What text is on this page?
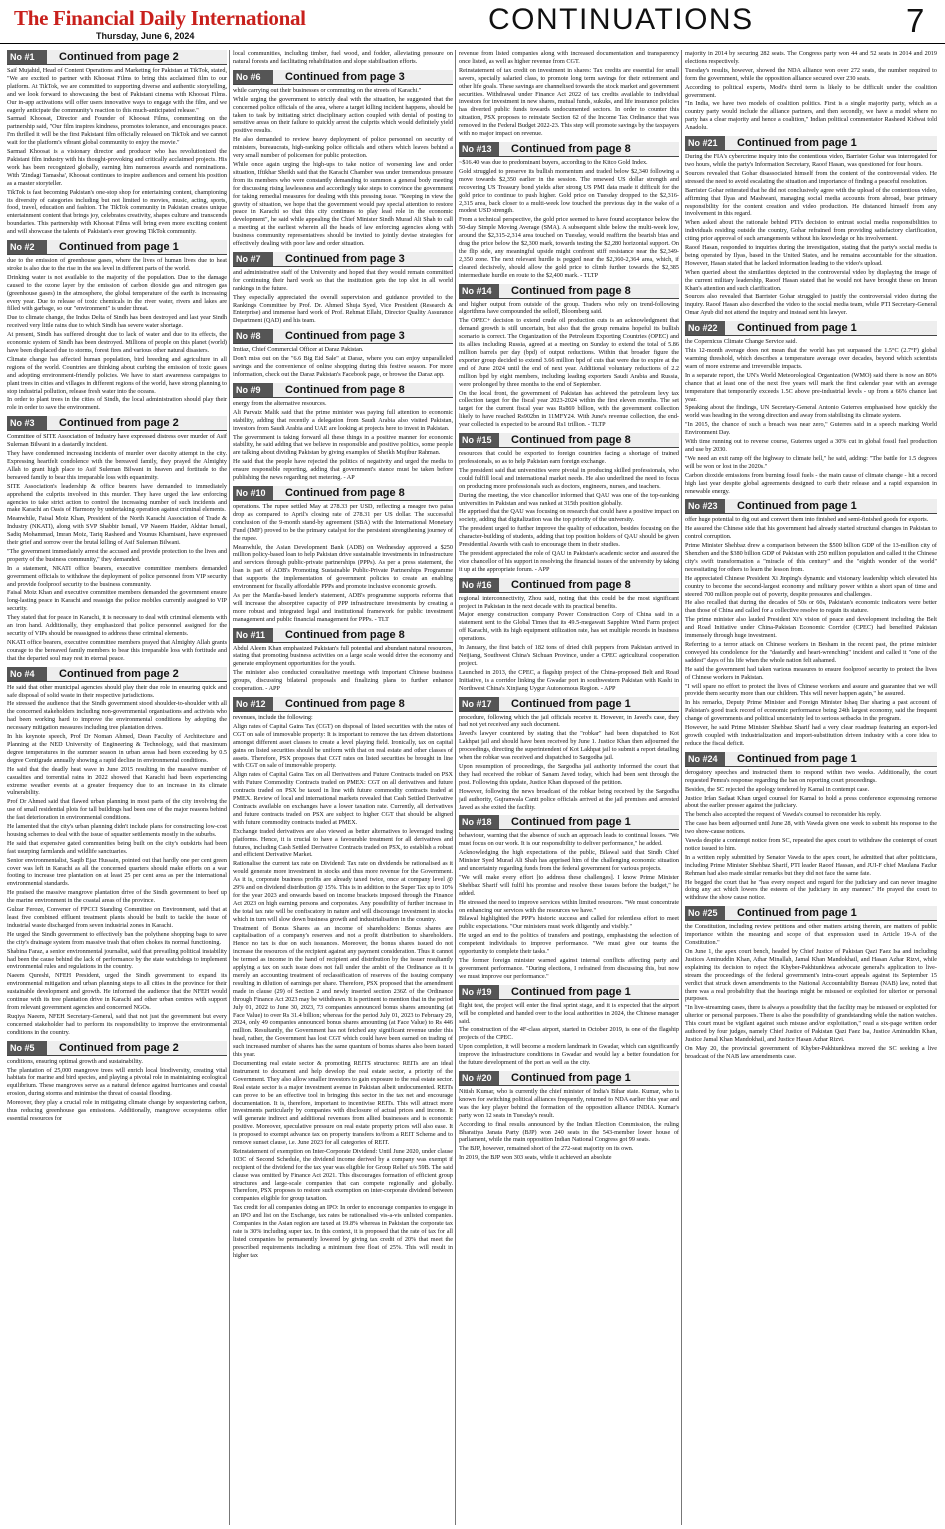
The Financial Daily International
Thursday, June 6, 2024	CONTINUATIONS	7
No #1	Continued from page 2

Saif Mujahid, Head of Content Operations and Marketing for Pakistan at TikTok, stated, "We are excited to partner with Khoosat Films to bring this acclaimed film to our platform. At TikTok, we are committed to supporting diverse and authentic storytelling, and we look forward to showcasing the best of Pakistani cinema with Khoosat Films. Our in-app activations will offer users innovative ways to engage with the film, and we eagerly anticipate the community's reaction to this much-anticipated release."

Sarmad Khoosat, Director and Founder of Khoosat Films, commenting on the partnership said, "Our film inspires kindness, promotes tolerance, and encourages peace. I'm thrilled it will be the first Pakistani film officially released on TikTok and we cannot wait for the platform's vibrant global community to enjoy the movie."

Sarmad Khoosat is a visionary director and producer who has revolutionized the Pakistani film industry with his thought-provoking and critically acclaimed projects. His work has been recognized globally, earning him numerous awards and nominations. With 'Zindagi Tamasha', Khoosat continues to inspire audiences and cement his position as a master storyteller.

TikTok is fast becoming Pakistan's one-stop shop for entertaining content, championing its diversity of categories including but not limited to movies, music, acting, sports, food, travel, education and fashion. The TikTok community in Pakistan creates unique entertainment content that brings joy, celebrates creativity, shapes culture and transcends boundaries. This partnership with Khoosat Films will bring even more exciting content and will showcase the talents of Pakistan's ever growing TikTok community.

No #2	Continued from page 1

due to the emission of greenhouse gases, where the lives of human lives due to heat stroke is also due to the rise in the sea level in different parts of the world.

Drinking water is not available to the majority of the population. Due to the damage caused to the ozone layer by the emission of carbon dioxide gas and nitrogen gas (greenhouse gases) in the atmosphere, the global temperature of the earth is increasing every year. Due to release of toxic chemicals in the river water, rivers and lakes are filled with garbage, so our "environment" is under threat.

Due to climate change, the Indus Delta of Sindh has been destroyed and last year Sindh received very little rains due to which Sindh has severe water shortage.

At present, Sindh has suffered drought due to lack of water and due to its effects, the economic system of Sindh has been destroyed. Millions of people on this planet (world) have been displaced due to storms, forest fires and various other natural disasters.

Climate change has affected human population, bird breeding and agriculture in all regions of the world. Countries are thinking about curbing the emission of toxic gases and adopting environment-friendly policies. We have to start awareness campaigns to plant trees in cities and villages in different regions of the world, have strong planning to stop industrial pollution, release fresh water into the oceans.

In order to plant trees in the cities of Sindh, the local administration should play their role in order to save the environment.

No #3	Continued from page 2

Committee of SITE Association of Industry have expressed distress over murder of Asif Suleman Bilwani in a dastardly incident.

They have condemned increasing incidents of murder over dacoity attempt in the city. Expressing heartfelt condolence with the bereaved family, they prayed the Almighty Allah to grant high place to Asif Suleman Bilwani in heaven and fortitude to the bereaved family to bear this irreparable loss with equanimity.

SITE Association's leadership & office bearers have demanded to immediately apprehend the culprits involved in this murder. They have urged the law enforcing agencies to take strict action to control the increasing number of such incidents and make Karachi an Oasis of Harmony by undertaking operation against criminal elements.

Meanwhile, Faisal Moiz Khan, President of the North Karachi Association of Trade & Industry (NKATI), along with SVP Shabbir Ismail, VP Naeem Haider, Akhtar Ismail, Sadiq Mohammad, Imran Moiz, Tariq Rasheed and Younus Khamisani, have expressed their grief and sorrow over the brutal killing of Asif Suleman Bilwani.

"The government immediately arrest the accused and provide protection to the lives and property of the business community," they demanded.

In a statement, NKATI office bearers, executive committee members demanded government officials to withdraw the deployment of police personnel from VIP security and provide foolproof security to the business community.

Faisal Moiz Khan and executive committee members demanded the government ensure long-lasting peace in Karachi and reassign the police mobiles currently assigned to VIP security.

They stated that for peace in Karachi, it is necessary to deal with criminal elements with an iron hand. Additionally, they emphasized that police personnel assigned for the security of VIPs should be reassigned to address these criminal elements.

NKATI office bearers, executive committee members prayed that Almighty Allah grants courage to the bereaved family members to bear this irreparable loss with fortitude and that the departed soul may rest in eternal peace.

No #4	Continued from page 2

He said that other municipal agencies should play their due role in ensuring quick and safe disposal of solid waste in their respective jurisdictions.

He stressed the audience that the Sindh government stood shoulder-to-shoulder with all the concerned stakeholders including non-governmental organisations and activists who had been working hard to improve the environmental conditions by adopting the necessary mitigation measures including tree plantation drives.

In his keynote speech, Prof Dr Noman Ahmed, Dean Faculty of Architecture and Planning at the NED University of Engineering & Technology, said that maximum degree temperatures in the summer season in urban areas had been exceeding by 0.5 degree Centigrade annually showing a rapid decline in environmental conditions.

He said that the deadly heat wave in June 2015 resulting in the massive number of casualties and torrential rains in 2022 showed that Karachi had been experiencing extreme weather events at a greater frequency due to an increase in its climate vulnerability.

Prof Dr Ahmed said that flawed urban planning in most parts of the city involving the use of small residential plots for tall buildings had been one of the major reasons behind the fast deterioration in environmental conditions.

He lamented that the city's urban planning didn't include plans for constructing low-cost housing schemes to deal with the issue of squatter settlements mostly in the suburbs.

He said that expensive gated communities being built on the city's outskirts had been fast usurping farmlands and wildlife sanctuaries.

Senior environmentalist, Saqib Ejaz Hussain, pointed out that hardly one per cent green cover was left in Karachi as all the concerned quarters should make efforts on a war footing to increase tree plantation on at least 25 per cent area as per the international environmental standards.

He praised the massive mangrove plantation drive of the Sindh government to beef up the marine environment in the coastal areas of the province.

Gulzar Feroze, Convener of FPCCI Standing Committee on Environment, said that at least five combined effluent treatment plants should be built to tackle the issue of industrial waste discharged from seven industrial zones in Karachi.

He urged the Sindh government to effectively ban the polythene shopping bags to save the city's drainage system from massive trash that often chokes its normal functioning.

Shabina Faraz, a senior environmental journalist, said that prevailing political instability had been the cause behind the lack of performance by the state watchdogs to implement environmental rules and regulations in the country.

Naeem Qureshi, NFEH President, urged the Sindh government to expand its environmental mitigation and urban planning steps to all cities in the province for their sustainable development and growth. He informed the audience that the NFEH would continue with its tree plantation drive in Karachi and other urban centres with support from relevant government agencies and concerned NGOs.

Ruqiya Naeem, NFEH Secretary-General, said that not just the government but every concerned stakeholder had to perform its responsibility to improve the environmental conditions in the country.

No #5	Continued from page 2

conditions, ensuring optimal growth and sustainability.

The plantation of 25,000 mangrove trees will enrich local biodiversity, creating vital habitats for marine and bird species, and playing a pivotal role in maintaining ecological equilibrium. These mangroves serve as a natural defence against hurricanes and coastal erosion, during storms and minimise the threat of coastal flooding.

Moreover, they play a crucial role in mitigating climate change by sequestering carbon, thus reducing greenhouse gas emissions. Additionally, mangrove ecosystems offer essential resources for

local communities, including timber, fuel wood, and fodder, alleviating pressure on natural forests and facilitating rehabilitation and slope stabilisation efforts.

No #6	Continued from page 3

while carrying out their businesses or commuting on the streets of Karachi."

While urging the government to strictly deal with the situation, he suggested that the concerned police officials of the area, where a target killing incident happens, should be taken to task by initiating strict disciplinary action coupled with denial of posting to sensitive areas on their failure to quickly arrest the culprits which would definitely yield positive results.

He also demanded to review heavy deployment of police personnel on security of ministers, bureaucrats, high-ranking police officials and others which leaves behind a very small number of policemen for public protection.

While once again urging the high-ups to take notice of worsening law and order situation, Iftikhar Sheikh said that the Karachi Chamber was under tremendous pressure from its members who were constantly demanding to summon a general body meeting for discussing rising lawlessness and accordingly take steps to convince the government for taking remedial measures for dealing with this pressing issue. "Keeping in view the gravity of situation, we hope that the government would pay special attention to restore peace in Karachi so that this city continues to play lead role in the economic development", he said while appealing the Chief Minister Sindh Murad Ali Shah to call a meeting at the earliest wherein all the heads of law enforcing agencies along with business community representatives should be invited to jointly devise strategies for effectively dealing with poor law and order situation.

No #7	Continued from page 3

and administrative staff of the University and hoped that they would remain committed for continuing their hard work so that the institution gets the top slot in all world rankings in the future.

They especially appreciated the overall supervision and guidance provided to the Rankings Committee by Prof. Dr. Ahmed Shuja Syed, Vice President (Research & Enterprise) and immense hard work of Prof. Rehmat Ellahi, Director Quality Assurance Department (QAD) and his team.

No #8	Continued from page 3

Imtiaz, Chief Commercial Officer at Daraz Pakistan.

Don't miss out on the "6.6 Big Eid Sale" at Daraz, where you can enjoy unparalleled savings and the convenience of online shopping during this festive season. For more information, check out the Daraz Pakistan's Facebook page, or browse the Daraz app.

No #9	Continued from page 8

energy from the alternative resources.

Ali Parvaiz Malik said that the prime minister was paying full attention to economic stability, adding that recently a delegation from Saudi Arabia also visited Pakistan, investors from Saudi Arabia and UAE are looking at projects here to invest in Pakistan.

The government is taking forward all these things in a positive manner for economic stability, he said adding that we believe in responsible and positive politics, some people are talking about dividing Pakistan by giving examples of Sheikh Mujibur Rahman.

He said that the people have rejected the politics of negativity and urged the media to ensure responsible reporting, adding that government's stance must be taken before publishing the news regarding net metering. - AP

No #10	Continued from page 8

operations. The rupee settled May at 278.33 per USD, reflecting a meagre two paisa drop as compared to April's closing rate of 278.31 per US dollar. The successful conclusion of the 9-month stand-by agreement (SBA) with the International Monetary Fund (IMF) proved to be the primary catalyst for the persistent strengthening journey of the rupee.

Meanwhile, the Asian Development Bank (ADB) on Wednesday approved a $250 million policy-based loan to help Pakistan drive sustainable investments in infrastructure and services through public-private partnerships (PPPs). As per a press statement, the loan is part of ADB's Promoting Sustainable Public-Private Partnerships Programme that supports the implementation of government policies to create an enabling environment for fiscally affordable PPPs and promote inclusive economic growth.

As per the Manila-based lender's statement, ADB's programme supports reforms that will increase the absorptive capacity of PPP infrastructure investments by creating a more robust and integrated legal and institutional framework for public investment management and public financial management for PPPs. - TLT

No #11	Continued from page 8

Abdul Aleem Khan emphasized Pakistan's full potential and abundant natural resources, stating that promoting business activities on a large scale would drive the economy and generate employment opportunities for the youth.

The minister also conducted consultative meetings with important Chinese business groups, discussing bilateral proposals and finalizing plans to further enhance cooperation. - APP

No #12	Continued from page 8

revenues, include the following:

Align rates of Capital Gains Tax (CGT) on disposal of listed securities with the rates of CGT on sale of immovable property: It is important to remove the tax driven distortions amongst different asset classes to create a level playing field. Ironically, tax on capital gains on listed securities should be uniform with that on real estate and other classes of assets. Therefore, PSX proposes that CGT rates on listed securities be brought in line with CGT on sale of immovable property.

Align rates of Capital Gains Tax on all Derivatives and Future Contracts traded on PSX with Future Commodity Contracts traded on PMEX: CGT on all derivatives and future contracts traded on PSX be taxed in line with future commodity contracts traded at PMEX. Review of local and international markets revealed that Cash Settled Derivative Contracts available on exchanges have a lower taxation rate. Currently, all derivatives and future contracts traded on PSX are subject to higher CGT that should be aligned with future commodity contracts traded at PMEX.

Exchange traded derivatives are also viewed as better alternatives to leveraged trading platforms. Hence, it is crucial to have a favourable treatment for all derivatives and futures, including Cash Settled Derivative Contracts traded on PSX, to establish a robust and efficient Derivative Market.

Rationalise the current tax rate on Dividend: Tax rate on dividends be rationalised as it would generate more investment in stocks and thus more revenue for the Government. As it is, corporate business profits are already taxed twice, once at company level @ 29% and on dividend distribution @ 15%. This is in addition to the Super Tax up to 10% for the year 2023 and onwards based on income brackets imposed through the Finance Act 2023 on high earning persons and corporates. Any possibility of further increase in the total tax rate will be confiscatory in nature and will discourage investment in stocks which in turn will slow down business growth and industrialisation in the country.

Treatment of Bonus Shares as an income of shareholders: Bonus shares are capitalisation of a company's reserves and not a profit distribution to shareholders. Hence no tax is due on such issuances. Moreover, the bonus shares issued do not increase the resources of the recipient against any payment consideration. Thus it cannot be termed as income in the hand of recipient and distribution by the issuer resultantly applying a tax on such issue does not fall under the ambit of the Ordinance as it is merely an accounting treatment of reclassification of reserves of the issuing company resulting in dilution of earnings per share. Therefore, PSX proposed that the amendment made in clause (29) of Section 2 and newly inserted section 236Z of the Ordinance through Finance Act 2023 may be withdrawn. It is pertinent to mention that in the period July 01, 2022 to June 30, 2023, 73 companies announced bonus shares amounting (at Face Value) to over Rs 31.4 billion; whereas for the period July 01, 2023 to February 29, 2024, only 49 companies announced bonus shares amounting (at Face Value) to Rs 446 million. Resultantly, the Government has not fetched any significant revenue under this head, rather, the Government has lost CGT which could have been earned on trading of such increased number of shares has the same quantum of bonus shares also been issued this year.

Documenting real estate sector & promoting REITS structures: REITs are an ideal instrument to document and help develop the real estate sector, a priority of the Government. They also allow smaller investors to gain exposure to the real estate sector. Real estate sector is a major investment avenue in Pakistan albeit undocumented. REITs can prove to be an effective tool in bringing this sector in the tax net and encourage documentation. It is, therefore, important to incentivise REITs. This will attract more investments particularly by companies with disclosure of actual prices and income. It will generate indirect and additional revenues from allied businesses and is economic positive. Moreover, speculative pressure on real estate property prices will also ease. It is proposed to exempt advance tax on property transfers to/from a REIT Scheme and to remove sunset clause, i.e. June 2023 for all categories of REIT.

Reinstatement of exemption on Inter-Corporate Dividend: Until June 2020, under clause 103C of Second Schedule, the dividend income derived by a company was exempt if recipient of the dividend for the tax year was eligible for Group Relief u/s 59B. The said clause was omitted by Finance Act 2021. This discourages formation of efficient group structures and large-scale companies that can compete regionally and globally. Therefore, PSX proposes to restore such exemption on inter-corporate dividend between companies eligible for group taxation.

Tax credit for all companies doing an IPO: In order to encourage companies to engage in an IPO and list on the Exchange, tax rates be rationalised vis-a-vis unlisted companies. Companies in the Asian region are taxed at 19.8% whereas in Pakistan the corporate tax rate is 30% including super tax. In this context, it is proposed that the rate of tax for all listed companies be permanently lowered by giving tax credit of 20% that meet the prescribed requirements including a minimum free float of 25%. This will result in higher tax

revenue from listed companies along with increased documentation and transparency once listed, as well as higher revenue from CGT.

Reinstatement of tax credit on investment in shares: Tax credits are essential for small savers, specially salaried class, to promote long term savings for their retirement and other life goals. These savings are channelised towards the stock market and government securities. Withdrawal under Finance Act 2022 of tax credits available to individual investors for investment in new shares, mutual funds, sukuks, and life insurance policies has diverted public funds towards undocumented sectors. In order to counter this situation, PSX proposes to reinstate Section 62 of the Income Tax Ordinance that was removed in the Federal Budget 2022-23. This step will promote savings by the taxpayers with no major impact on revenue.

No #13	Continued from page 8

~$16.40 was due to predominant buyers, according to the Kitco Gold Index.

Gold struggled to preserve its bullish momentum and traded below $2,340 following a move towards $2,350 earlier in the session. The renewed US dollar strength and recovering US Treasury bond yields after strong US PMI data made it difficult for the gold price to continue to push higher. Gold price on Tuesday dropped to the $2,316-2,315 area, back closer to a multi-week low touched the previous day in the wake of a modest USD strength.

From a technical perspective, the gold price seemed to have found acceptance below the 50-day Simple Moving Average (SMA). A subsequent slide below the multi-week low, around the $2,315-2,314 area touched on Tuesday, would reaffirm the bearish bias and drag the price below the $2,300 mark, towards testing the $2,280 horizontal support. On the flip side, any meaningful upside might confront stiff resistance near the $2,349-2,350 zone. The next relevant hurdle is pegged near the $2,360-2,364 area, which, if cleared decisively, should allow the gold price to climb further towards the $2,385 intermediate hurdle en route to the $2,400 mark. - TLTP

No #14	Continued from page 8

and higher output from outside of the group. Traders who rely on trend-following algorithms have compounded the selloff, Bloomberg said.

The OPEC+ decision to extend crude oil production cuts is an acknowledgment that demand growth is still uncertain, but also that the group remains hopeful its bullish scenario is correct. The Organization of the Petroleum Exporting Countries (OPEC) and its allies including Russia, agreed at a meeting on Sunday to extend the total of 5.86 million barrels per day (bpd) of output reductions. Within that broader figure the exporter group decided to extend 3.66 million bpd of cuts that were due to expire at the end of June 2024 until the end of next year. Additional voluntary reductions of 2.2 million bpd by eight members, including leading exporters Saudi Arabia and Russia, were prolonged by three months to the end of September.

On the local front, the government of Pakistan has achieved the petroleum levy tax collection target for the fiscal year 2023-2024 within the first eleven months. The set target for the current fiscal year was Rs869 billion, with the government collection likely to have reached Rs902bn in 11MFY24. With June's revenue collection, the end-year collected is expected to be around Rs1 trillion. - TLTP

No #15	Continued from page 8

resources that could be exported to foreign countries facing a shortage of trained professionals, so as to help Pakistan earn foreign exchange.

The president said that universities were pivotal in producing skilled professionals, who could fulfill local and international market needs. He also underlined the need to focus on producing more professionals such as doctors, engineers, nurses, and teachers.

During the meeting, the vice chancellor informed that QAU was one of the top-ranking universities in Pakistan and was ranked at 315th position globally.

He apprised that the QAU was focusing on research that could have a positive impact on society, adding that digitalization was the top priority of the university.

The president urged to further improve the quality of education, besides focusing on the character-building of students, adding that top position holders of QAU should be given Presidential Awards with cash to encourage them in their studies.

The president appreciated the role of QAU in Pakistan's academic sector and assured the vice chancellor of his support in resolving the financial issues of the university by taking it up at the appropriate forum. - APP

No #16	Continued from page 8

regional interconnectivity, Zhou said, noting that this could be the most significant project in Pakistan in the next decade with its practical benefits.

Major energy construction company Power Construction Corp of China said in a statement sent to the Global Times that its 49.5-megawatt Sapphire Wind Farm project off Karachi, with its high equipment utilization rate, has set multiple records in business operations.

In January, the first batch of 182 tons of dried chili peppers from Pakistan arrived in Neijiang, Southwest China's Sichuan Province, under a CPEC agricultural cooperation project.

Launched in 2013, the CPEC, a flagship project of the China-proposed Belt and Road Initiative, is a corridor linking the Gwadar port in southwestern Pakistan with Kashi in Northwest China's Xinjiang Uygur Autonomous Region. - APP

No #17	Continued from page 1

procedure, following which the jail officials receive it. However, in Javed's case, they had not yet received any such document.

Javed's lawyer countered by stating that the "robkar" had been dispatched to Kot Lakhpat jail and should have been received by June 1. Justice Khan then adjourned the proceedings, directing the superintendent of Kot Lakhpat jail to submit a report detailing when the robkar was received and dispatched to Sargodha jail.

Upon resumption of proceedings, the Sargodha jail authority informed the court that they had received the robkar of Sanam Javed today, which had been sent through the post. Following this update, Justice Khan disposed of the petition.

However, following the news broadcast of the robkar being received by the Sargodha jail authority, Gujranwala Cantt police officials arrived at the jail premises and arrested Javed as she exited the facility.

No #18	Continued from page 1

behaviour, warning that the absence of such an approach leads to continual losses. "We must focus on our work. It is our responsibility to deliver performance," he added.

Acknowledging the high expectations of the public, Bilawal said that Sindh Chief Minister Syed Murad Ali Shah has apprised him of the challenging economic situation and uncertainty regarding funds from the federal government for various projects.

"We will make every effort [to address these challenges]. I know Prime Minister Shehbaz Sharif will fulfil his promise and resolve these issues before the budget," he added.

He stressed the need to improve services within limited resources. "We must concentrate on enhancing our services with the resources we have."

Bilawal highlighted the PPP's historic success and called for relentless effort to meet public expectations. "Our ministers must work diligently and visibly."

He urged an end to the politics of transfers and postings, emphasising the selection of competent individuals to improve performance. "We must give our teams the opportunity to complete their tasks."

The former foreign minister warned against internal conflicts affecting party and government performance. "During elections, I refrained from discussing this, but now we must improve our performance."

No #19	Continued from page 1

flight test, the project will enter the final sprint stage, and it is expected that the airport will be completed and handed over to the local authorities in 2024, the Chinese manager said.

The construction of the 4F-class airport, started in October 2019, is one of the flagship projects of the CPEC.

Upon completion, it will become a modern landmark in Gwadar, which can significantly improve the infrastructure conditions in Gwadar and would lay a better foundation for the future development of the port as well as the city.

No #20	Continued from page 1

Nitish Kumar, who is currently the chief minister of India's Bihar state. Kumar, who is known for switching political alliances frequently, returned to NDA earlier this year and was the key player behind the formation of the opposition alliance INDIA. Kumar's party won 12 seats in Tuesday's result.

According to final results announced by the Indian Election Commission, the ruling Bharatiya Janata Party (BJP) won 240 seats in the 543-member lower house of parliament, while the main opposition Indian National Congress got 99 seats.

The BJP, however, remained short of the 272-seat majority on its own.

In 2019, the BJP won 303 seats, while it achieved an absolute

majority in 2014 by securing 282 seats. The Congress party won 44 and 52 seats in 2014 and 2019 elections respectively.

Tuesday's results, however, showed the NDA alliance won over 272 seats, the number required to form the government, while the opposition alliance secured over 230 seats.

According to political experts, Modi's third term is likely to be difficult under the coalition government.

"In India, we have two models of coalition politics. First is a single majority party, which as a country party would include the alliance partners, and then secondly, we have a model where no party has a clear majority and hence a coalition," Indian political commentator Rasheed Kidwai told Anadolu.

No #21	Continued from page 1

During the FIA's cybercrime inquiry into the contentious video, Barrister Gohar was interrogated for two hours, while the party's Information Secretary, Raoof Hasan, was questioned for four hours.

Sources revealed that Gohar disassociated himself from the content of the controversial video. He stressed the need to avoid escalating the situation and importance of finding a peaceful resolution.

Barrister Gohar reiterated that he did not conclusively agree with the upload of the contentious video, affirming that Ilyas and Mashwani, managing social media accounts from abroad, bear primary responsibility for the content creation and video production. He distanced himself from any involvement in this regard.

When asked about the rationale behind PTI's decision to entrust social media responsibilities to individuals residing outside the country, Gohar refrained from providing satisfactory clarification, citing prior approval of such arrangements without his knowledge or his involvement.

Raoof Hasan, responded to inquiries during the investigation, stating that the party's social media is being operated by Ilyas, based in the United States, and he remains accountable for the situation. However, Hasan stated that he lacked information leading to the video's upload.

When queried about the similarities depicted in the controversial video by displaying the image of the current military leadership, Raoof Hasan stated that he would not have brought these on Imran Khan's attention and such clarification.

Sources also revealed that Barrister Gohar struggled to justify the controversial video during the inquiry. Raoof Hasan also described the video to the social media team, while PTI Secretary-General Omar Ayub did not attend the inquiry and instead sent his lawyer.

No #22	Continued from page 1

the Copernicus Climate Change Service said.

This 12-month average does not mean that the world has yet surpassed the 1.5°C (2.7°F) global warming threshold, which describes a temperature average over decades, beyond which scientists warn of more extreme and irreversible impacts.

In a separate report, the UN's World Meteorological Organization (WMO) said there is now an 80% chance that at least one of the next five years will mark the first calendar year with an average temperature that temporarily exceeds 1.5C above pre-industrial levels - up from a 66% chance last year.

Speaking about the findings, UN Secretary-General Antonio Guterres emphasised how quickly the world was heading in the wrong direction and away from stabilising its climate system.

"In 2015, the chance of such a breach was near zero," Guterres said in a speech marking World Environment Day.

With time running out to reverse course, Guterres urged a 30% cut in global fossil fuel production and use by 2030.

"We need an exit ramp off the highway to climate hell," he said, adding: "The battle for 1.5 degrees will be won or lost in the 2020s."

Carbon dioxide emissions from burning fossil fuels - the main cause of climate change - hit a record high last year despite global agreements designed to curb their release and a rapid expansion in renewable energy.

No #23	Continued from page 1

offer huge potential to dig out and convert them into finished and semi-finished goods for exports.

He assured the Chinese side that his government had already started structural changes in Pakistan to control corruption.

Prime Minister Shehbaz drew a comparison between the $500 billion GDP of the 13-million city of Shenzhen and the $380 billion GDP of Pakistan with 250 million population and called it the Chinese city's swift transformation a "miracle of this century" and the "eighth wonder of the world" necessitating for others to learn the lesson from.

He appreciated Chinese President Xi Jinping's dynamic and visionary leadership which elevated his country to become the second-largest economy and military power within a short span of time and steered 700 million people out of poverty, despite pressures and challenges.

He also recalled that during the decades of 50s or 60s, Pakistan's economic indicators were better than those of China and called for a collective resolve to regain its stature.

The prime minister also lauded President Xi's vision of peace and development including the Belt and Road Initiative under China-Pakistan Economic Corridor (CPEC) had benefited Pakistan immensely through huge investment.

Referring to a terror attack on Chinese workers in Besham in the recent past, the prime minister conveyed his condolence for the "dastardly and heart-wrenching" incident and called it "one of the saddest" days of his life when the whole nation felt ashamed.

He said the government had taken various measures to ensure foolproof security to protect the lives of Chinese workers in Pakistan.

"I will spare no effort to protect the lives of Chinese workers and assure and guarantee that we will provide them security more than our children. This will never happen again," he assured.

In his remarks, Deputy Prime Minister and Foreign Minister Ishaq Dar sharing a past account of Pakistan's good track record of economic performance being 24th largest economy, said the frequent change of governments and political uncertainty led to serious setbacks in the program.

However, he said Prime Minister Shehbaz Sharif had a very clear roadmap featuring an export-led growth coupled with industrialization and import-substitution driven industry with a core idea to reduce the fiscal deficit.

No #24	Continued from page 1

derogatory speeches and instructed them to respond within two weeks. Additionally, the court requested Pemra's response regarding the ban on reporting court proceedings.

Besides, the SC rejected the apology tendered by Kamal in contempt case.

Justice Irfan Sadaat Khan urged counsel for Kamal to hold a press conference expressing remorse about the earlier presser against the judiciary.

The bench also accepted the request of Vawda's counsel to reconsider his reply.

The case has been adjourned until June 28, with Vawda given one week to submit his response to the two show-cause notices.

Vawda despite a contempt notice from SC, repeated the apex court to withdraw the contempt of court notice issued to him.

In a written reply submitted by Senator Vawda to the apex court, he admitted that after politicians, including Prime Minister Shehbaz Sharif, PTI leader Raoof Hassan, and JUI-F chief Maulana Fazlur Rehman had also made similar remarks but they did not face the same fate.

He begged the court that he "has every respect and regard for the judiciary and can never imagine doing any act which lowers the esteem of the judiciary in any manner." He prayed the court to withdraw the show cause notice.

No #25	Continued from page 1

the Constitution, including review petitions and other matters arising therein, are matters of public importance within the meaning and scope of that expression used in Article 19-A of the Constitution."

On June 1, the apex court bench, headed by Chief Justice of Pakistan Qazi Faez Isa and including Justices Aminuddin Khan, Athar Minallah, Jamal Khan Mandokhail, and Hasan Azhar Rizvi, while explaining its decision to reject the Khyber-Pakhtunkhwa advocate general's application to live-stream the proceedings of the federal government's intra-court appeals against its September 15 verdict that struck down amendments to the National Accountability Bureau (NAB) law, noted that there was a real probability that the hearings might be misused or exploited for ulterior or personal purposes.

"In live-streaming cases, there is always a possibility that the facility may be misused or exploited for ulterior or personal purposes. There is also the possibility of grandstanding while the nation watches. This court must be vigilant against such misuse and/or exploitation," read a six-page written order authored by four judges, namely Chief Justice of Pakistan Qazi Faez Isa, Justice Aminuddin Khan, Justice Jamal Khan Mandokhail, and Justice Hasan Azhar Rizvi.

On May 20, the provincial government of Khyber-Pakhtunkhwa moved the SC seeking a live broadcast of the NAB law amendments case.
